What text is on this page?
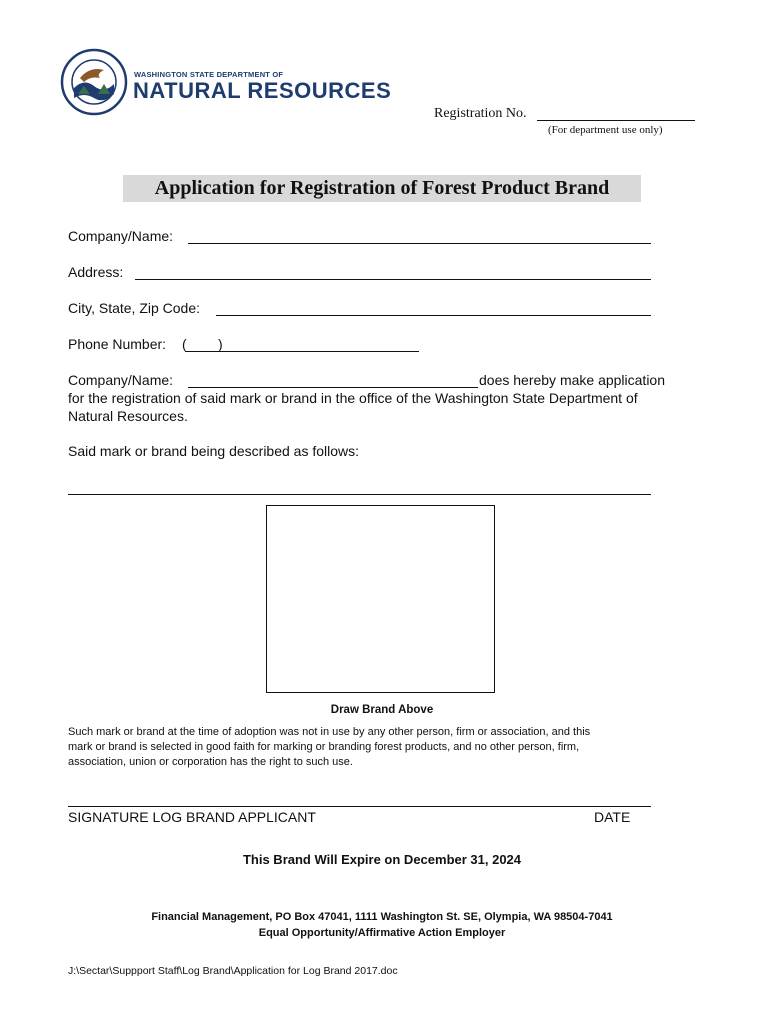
WASHINGTON STATE DEPARTMENT OF
NATURAL RESOURCES
Registration No.
(For department use only)
Application for Registration of Forest Product Brand
Company/Name:
Address:
City, State, Zip Code:
Phone Number: ( )
Company/Name:	does hereby make application
for the registration of said mark or brand in the office of the Washington State Department of
Natural Resources.
Said mark or brand being described as follows:
Draw Brand Above
Such mark or brand at the time of adoption was not in use by any other person, firm or association, and this
mark or brand is selected in good faith for marking or branding forest products, and no other person, firm,
association, union or corporation has the right to such use.
SIGNATURE LOG BRAND APPLICANT	DATE
This Brand Will Expire on December 31, 2024
Financial Management, PO Box 47041, 1111 Washington St. SE, Olympia, WA 98504-7041
Equal Opportunity/Affirmative Action Employer
J:\Sectar\Suppport Staff\Log Brand\Application for Log Brand 2017.doc
